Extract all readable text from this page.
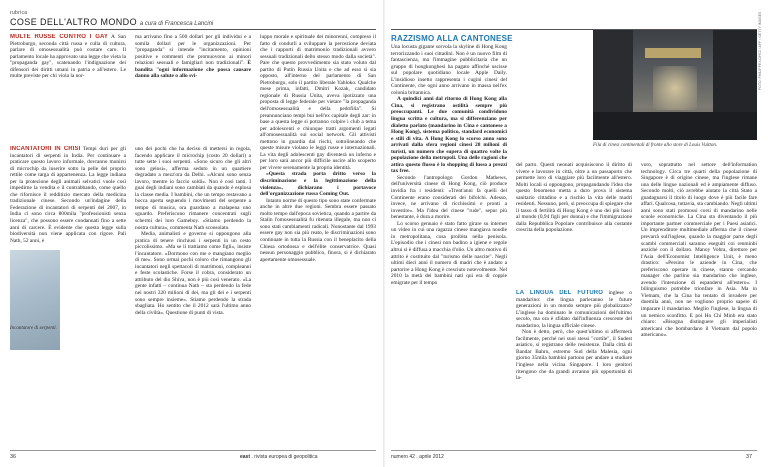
rubrica
COSE DELL'ALTRO MONDO a cura di Francesca Lancini

MULTE RUSSE CONTRO I GAY A San Pietroburgo, seconda città russa e culla di cultura, parlare di omosessualità può costare caro. Il parlamento locale ha approvato una legge che vieta la "propaganda gay", scatenando l'indignazione dei difensori dei diritti umani in patria e all'estero. Le multe previste per chi viola la nor-

ma arrivano fino a 500 dollari per gli individui e a somila dollari per le organizzazioni. Per "propaganda" si intende "incitamento, opinioni positive e commenti che promuovono ai minori relazioni sessuali e famigliari non tradizionali". È bandita "ogni informazione che possa causare danno alla salute o allo svi-

luppo morale e spirituale dei minorenni, compreso il fatto di condurli a sviluppare la percezione deviata che i rapporti di matrimonio tradizionali avvero sessuali tradizionali dello stesso modo dalla società". Pare che questo provvedimento sia stato voluto dal partito di Putin Russia Unita e che ad esso si sia opposto, all'interno del parlamento di San Pietroburgo, solo il partito liberale Yabloko. Qualche mese prima, infatti, Dmitri Kozak, candidato regionale di Russia Unita, aveva ipotizzato una proposta di legge federale per vietare "la propaganda dell'omosessualità e della pedofilia". Si preannunciano tempi bui nell'ex capitale degli zar: in base a questa legge si potranno colpire i club a tema per adolescenti e chiunque tratti argomenti legati all'omosessualità sui social network. Gli attivisti mettono in guardia dai rischi, sottolineando che queste misure violano le leggi russe e internazionali. La vita degli adolescenti gay diventerà un inferno e per loro sarà ancor più difficile uscire allo scoperto per vivere serenamente la propria identità.

«Questa strada porta dritto verso la discriminazione e la legittimazione della violenza», dichiarano i portavoce dell'organizzazione russa Coming Out.

Intanto norme di questo tipo sono state confermate anche in altre due regioni. Sembra essere passato molto tempo dall'epoca sovietica, quando a partire da Stalin l'omosessualità fu ritenuta illegale, ma non ci sono stati cambiamenti radicali. Nonostante dal 1993 essere gay non sia più reato, le discriminazioni sono continuate in tutta la Russia con il beneplacito della Chiesa ortodossa e dell'élite conservatrice. Quasi nessun personaggio pubblico, finora, si è dichiarato apertamente omosessuale.

INCANTATORI IN CRISI Tempi duri per gli incantatori di serpenti in India. Per continuare a praticare questo lavoro informale, dovranno munirsi di microchip da inserire sotto la pelle del proprio rettile come targa di appartenenza. La legge indiana per la protezione degli animali selvatici vuole così impedirne la vendita e il contrabbando, come quello che rifornisce il redditizio mercato della medicina tradizionale cinese. Secondo un'indagine della Federazione di incantatori di serpenti del 2007, in India ci sono circa 800mila "professionisti senza licenza", che possono essere condannati fino a sette anni di carcere. È evidente che questa legge sulla biodiversità non viene applicata con rigore. Pali Nath, 52 anni, è

Incantatore di serpenti.

uno dei pochi che ha deciso di mettersi in regola, facendo applicare il microchip (costo 20 dollari) a tutte sette i suoi serpenti. «Sono sicuro che gli altri sono gelosi», afferma seduto in un quartiere degradato a mezz'ora da Delhi. «Alcuni sono senza lavoro, mentre io faccio soldi». Non è così tanti. I guai degli indiani sono cambiati da quando è esplosa la classe media. I bambini, che un tempo restavano a bocca aperta seguendo i movimenti del serpente a tempo di musica, ora guardano a malapena uno sguardo. Preferiscono rimanere concentrati sugli schermi dei loro Gameboy. «Stiamo perdendo la nostra cultura», commenta Nath sconsolato.

Media, animalisti e governo si oppongono alla pratica di tenere rinchiusi i serpenti in un cesto piccolissimo. «Ma se li trattiamo come figli», insiste l'incantatore. «Dormono con me e mangiano meglio di me». Sono ormai pochi coloro che rimangono gli incantatori negli spettacoli di matrimoni, compleanni e feste scolastiche. Forse il cobra, considerato un attributo del dio Shiva, non è più così venerato. «La gente infatti – continua Nath – sta perdendo la fede nei nostri 320 milioni di dei, ma gli dei e i serpenti sono sempre insieme». Stiamo perdendo la strada sbagliata. Ho sentito che il 2012 sarà l'ultimo anno della civiltà». Questione di punti di vista.

RAZZISMO ALLA CANTONESE

Una locusta gigante sorvola la skyline di Hong Kong terrorizzando i suoi cittadini. Non è un nuovo film di fantascienza, ma l'immagine pubblicitaria che un gruppo di hongkonghesi ha pagato affinché uscisse sul popolare quotidiano locale Apple Daily. L'insidioso insetto rappresenta i cugini cinesi del Continente, che ogni anno arrivano in massa nell'ex colonia britannica.

A quindici anni dal ritorno di Hong Kong alla Cina, si registrano ostilità sempre più preoccupanti. Le due comunità condividono lingua scritta e cultura, ma si differenziano per dialetto parlato (mandarino in Cina e cantonese a Hong Kong), sistema politico, standard economici e stili di vita. A Hong Kong lo scorso anno sono arrivati dalla sfera regioni cinesi 28 milioni di turisti, un numero che supera di quattro volte la popolazione della metropoli. Una delle ragioni che attira questo flusso è lo shopping di lusso a prezzi tax free.

Secondo l'antropologo Gordon Mathews, dell'università cinese di Hong Kong, ciò produce invidia fra i residenti: «Trent'anni fa quelli del Continente erano considerati dei bifolchi. Adesso, invece, ne arrivano di ricchissimi e pronti a investire». Ma l'idea del cinese "rude", sepur più benestante, è dura a morire.

Lo scorso gennaio è stato fatto girare su internet un video in cui una ragazza cinese mangiava noodle in metropolitana, cosa proibita nella penisola. L'episodio che i cinesi non badino a igiene e regole altrui si è diffusa a macchia d'olio. Un altro motivo di attrito è costituito dal "turismo delle nascite". Negli ultimi dieci anni il numero di madri che è andato a partorire a Hong Kong è cresciuto notevolmente. Nel 2010 la metà dei bambini nati qui era di coppie emigrate per il tempo

FOTO: PHILIPPE LOPEZ / AFP / GETTY IMAGES
Fila di cinesi continentali di fronte allo store di Louis Vuitton.

del parto. Questi neonati acquisiscono il diritto di vivere e lavorare in città, oltre a un passaporto che permette loro di viaggiare più facilmente all'estero. Molti locali si oppongono, propagandando l'idea che questo fenomeno metta a duro prova il sistema sanitario cittadino e a rischio la vita delle madri residenti. Nessuno, però, si preoccupa di spiegare che il tasso di fertilità di Hong Kong è uno dei più bassi al mondo (0,94 figli per donna) e che l'immigrazione dalla Repubblica Popolare contribuisce alla costante crescita della popolazione.

LA LINGUA DEL FUTURO inglese o mandarino: che lingua parleranno le future generazioni in un mondo sempre più globalizzato? L'inglese ha dominato le comunicazioni dell'ultimo secolo, ma ora è sfidato dall'influenza crescente del mandarino, la lingua ufficiale cinese.

Non è detto, però, che quest'ultimo si affermerà facilmente, perché nei suoi stessi "cortile", il Sudest asiatico, si registrano delle resistenze. Dalla città di Bandar Bahru, estremo Sud della Malesia, ogni giorno 35mila bambini partono per andare a studiare l'inglese nella vicina Singapore. I loro genitori ritengono che da grandi avranno più opportunità di la-

voro, soprattutto nel settore dell'information technology. Circa tre quarti della popolazione di Singapore è di origine cinese, ma l'inglese rimane una delle lingue nazionali ed è ampiamente diffuso. Secondo molti, ciò avrebbe aiutato la città Stato a guadagnarsi il titolo di luogo dove è più facile fare affari. Qualcosa, tuttavia, sta cambiando. Negli ultimi anni sono stati promossi corsi di mandarino nelle scuole economiche. La Cina sta diventando il più importante partner commerciale per i Paesi asiatici. Un imprenditore multimediale afferma che il cinese prevarrà sull'inglese, quando la maggior parte degli scambi commerciali saranno eseguiti coi renminbi anziché con il dollaro. Manoy Vohra, direttore per l'Asia dell'Economist Intelligence Unit, è meno drastico: «Persino le aziende in Cina, che preferiscono operare in cinese, stanno cercando manager che parlino sia mandarino che inglese, avendo l'intenzione di espandersi all'estero». I bilinguismo potrebbe trionfare in Asia. Ma in Vietnam, che la Cina ha tentato di invadere per duemila anni, non ne vogliono proprio sapere di imparare il mandarino. Meglio l'inglese, la lingua di un nemico sconfitto. E poi Ho Chi Minh era stato chiaro: «Bisogna distinguere gli imperialisti americani che bombardano il Vietnam dal popolo americano».

36	east . rivista europea di geopolitica	numero 42 . aprile 2012	37
